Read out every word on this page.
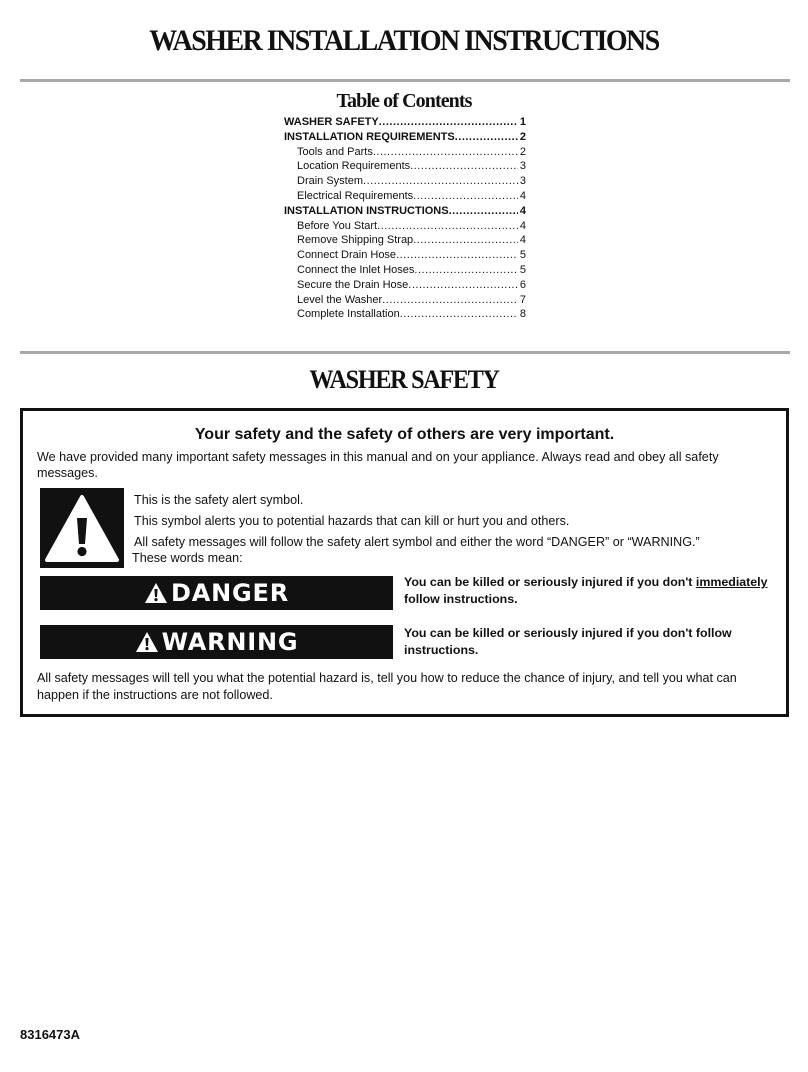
WASHER INSTALLATION INSTRUCTIONS
Table of Contents
WASHER SAFETY .....	1
INSTALLATION REQUIREMENTS .....	2
Tools and Parts .....	2
Location Requirements .....	3
Drain System .....	3
Electrical Requirements .....	4
INSTALLATION INSTRUCTIONS .....	4
Before You Start .....	4
Remove Shipping Strap .....	4
Connect Drain Hose .....	5
Connect the Inlet Hoses .....	5
Secure the Drain Hose .....	6
Level the Washer .....	7
Complete Installation .....	8
WASHER SAFETY
Your safety and the safety of others are very important.
We have provided many important safety messages in this manual and on your appliance. Always read and obey all safety messages.
This is the safety alert symbol.
This symbol alerts you to potential hazards that can kill or hurt you and others.
All safety messages will follow the safety alert symbol and either the word “DANGER” or “WARNING.”
These words mean:
DANGER	You can be killed or seriously injured if you don't immediately follow instructions.
WARNING	You can be killed or seriously injured if you don't follow instructions.
All safety messages will tell you what the potential hazard is, tell you how to reduce the chance of injury, and tell you what can happen if the instructions are not followed.
8316473A
